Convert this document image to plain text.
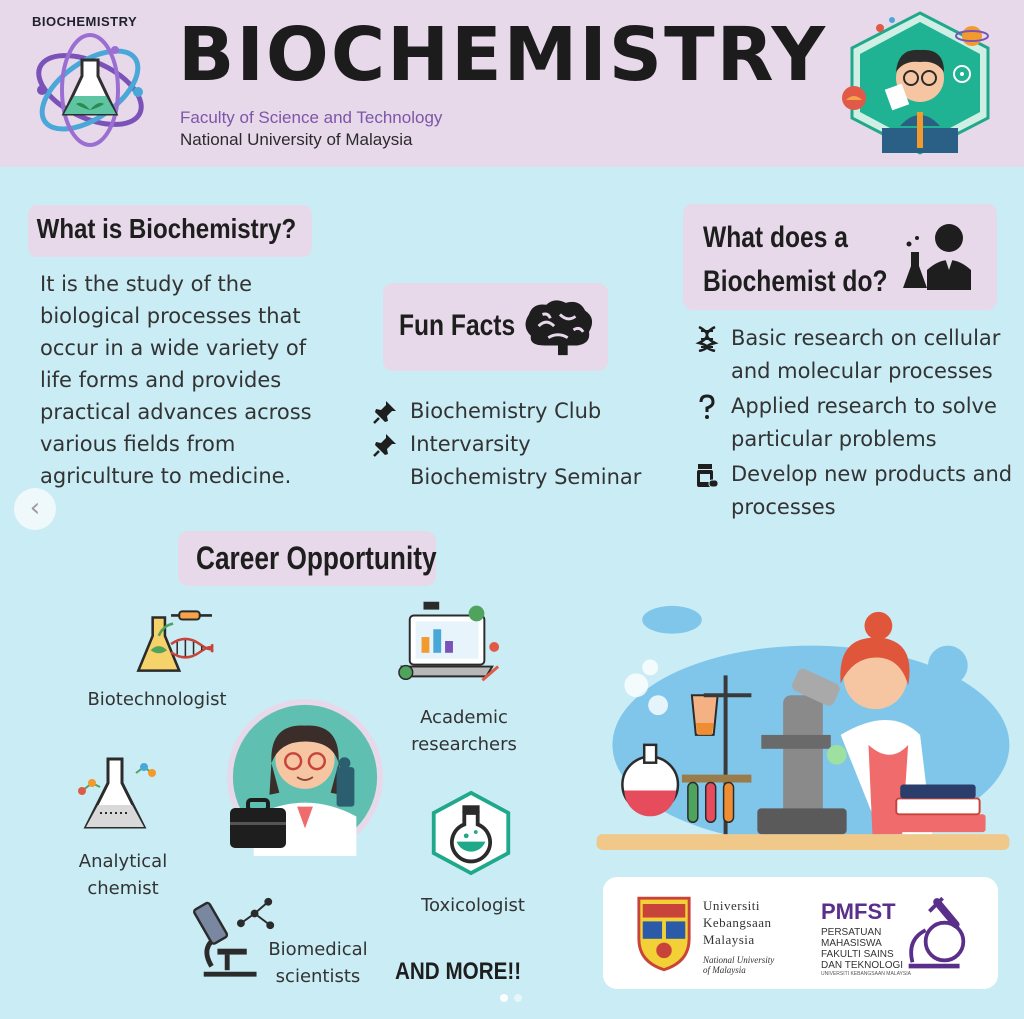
BIOCHEMISTRY BIOCHEMISTRY
Faculty of Science and Technology
National University of Malaysia
What is Biochemistry?
It is the study of the biological processes that occur in a wide variety of life forms and provides practical advances across various fields from agriculture to medicine.
Fun Facts
Biochemistry Club
Intervarsity Biochemistry Seminar
What does a
Biochemist do?
Basic research on cellular and molecular processes
Applied research to solve particular problems
Develop new products and processes
Career Opportunity
Biotechnologist
Academic researchers
Analytical chemist
Toxicologist
Biomedical scientists	AND MORE!!
Universiti
Kebangsaan
Malaysia
National University
of Malaysia
PMFST
PERSATUAN
MAHASISWA
FAKULTI SAINS
DAN TEKNOLOGI
UNIVERSITI KEBANGSAAN MALAYSIA
‹
